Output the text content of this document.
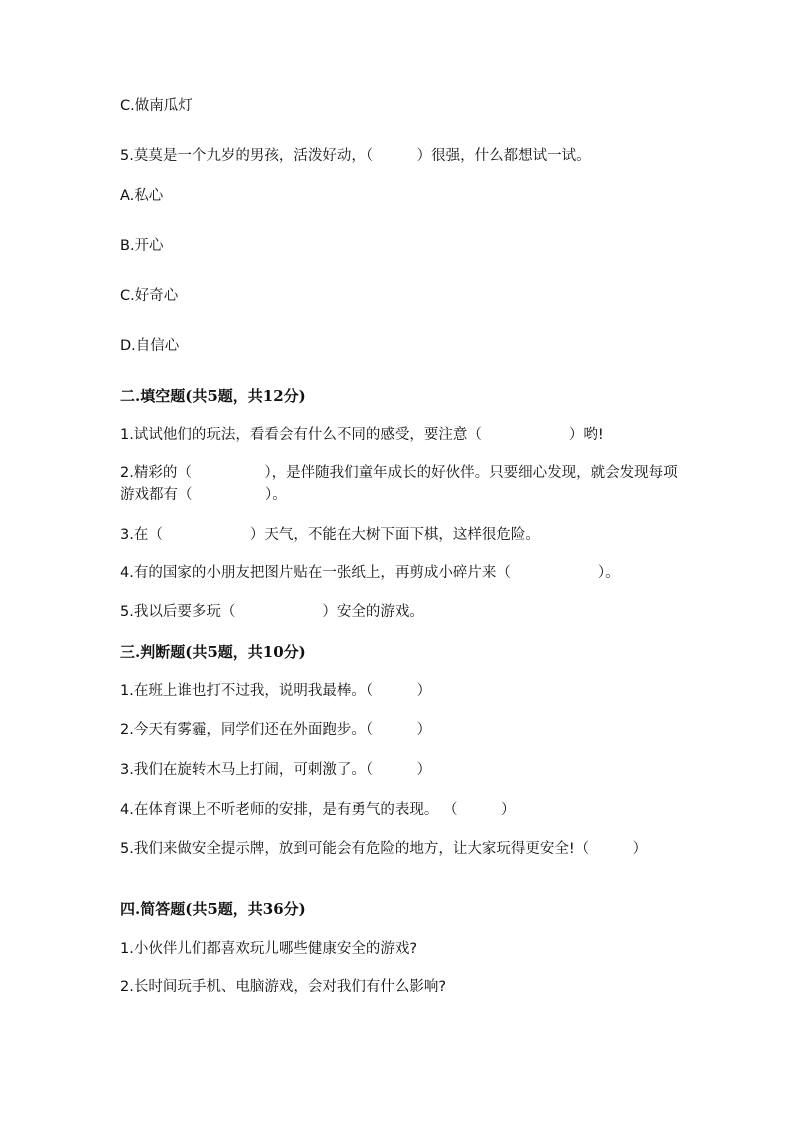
C.做南瓜灯
5.莫莫是一个九岁的男孩，活泼好动，（　　　）很强，什么都想试一试。
A.私心
B.开心
C.好奇心
D.自信心
二.填空题(共5题，共12分)
1.试试他们的玩法，看看会有什么不同的感受，要注意（　　　　　　）哟!
2.精彩的（　　　　　），是伴随我们童年成长的好伙伴。只要细心发现，就会发现每项游戏都有（　　　　　）。
3.在（　　　　　　）天气，不能在大树下面下棋，这样很危险。
4.有的国家的小朋友把图片贴在一张纸上，再剪成小碎片来（　　　　　　）。
5.我以后要多玩（　　　　　　）安全的游戏。
三.判断题(共5题，共10分)
1.在班上谁也打不过我，说明我最棒。（　　　）
2.今天有雾霾，同学们还在外面跑步。（　　　）
3.我们在旋转木马上打闹，可刺激了。（　　　）
4.在体育课上不听老师的安排，是有勇气的表现。 （　　　）
5.我们来做安全提示牌，放到可能会有危险的地方，让大家玩得更安全!（　　　）
四.简答题(共5题，共36分)
1.小伙伴儿们都喜欢玩儿哪些健康安全的游戏?
2.长时间玩手机、电脑游戏，会对我们有什么影响?
